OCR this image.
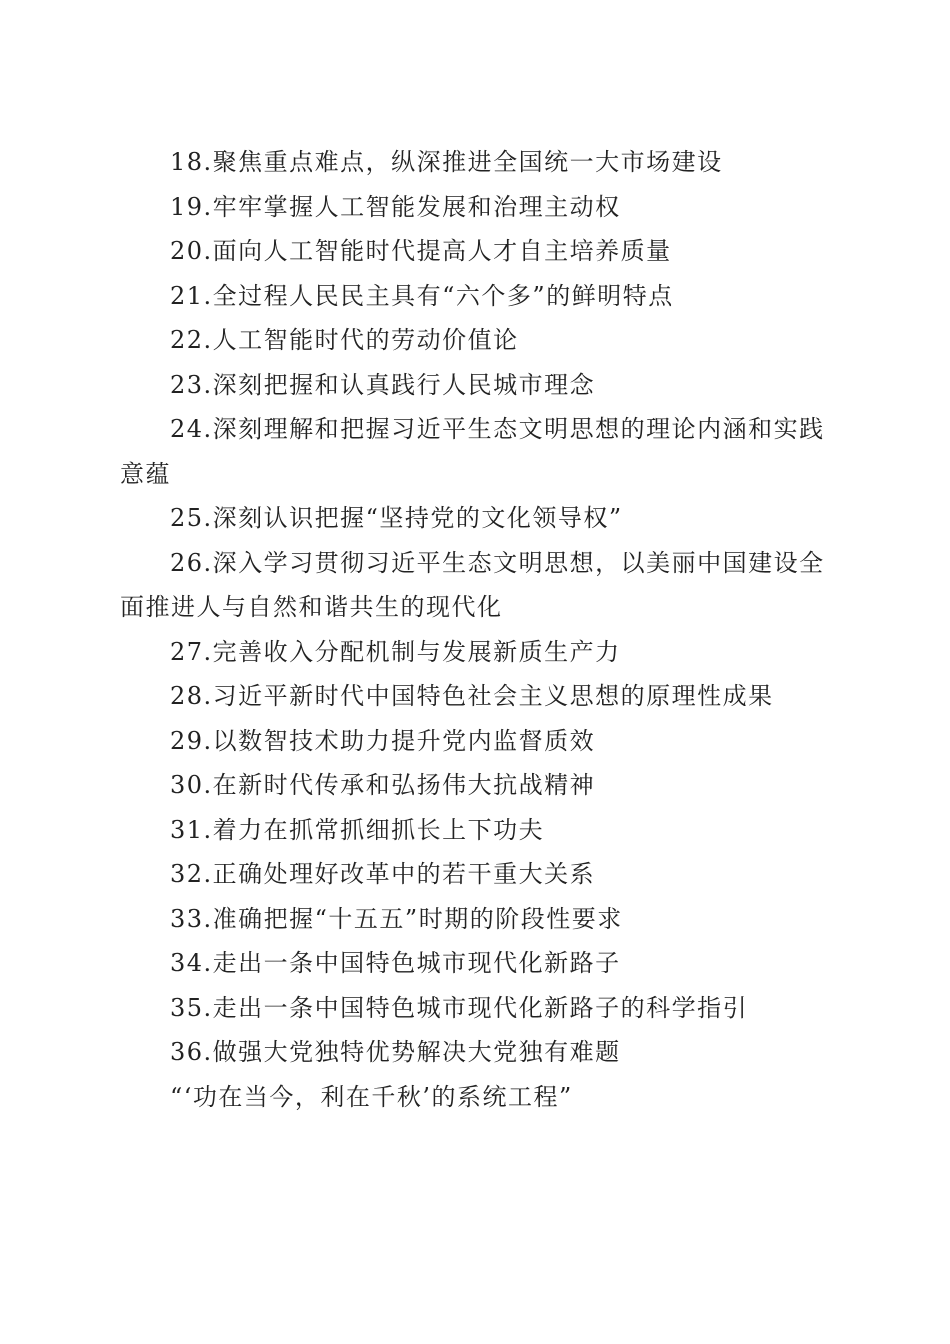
18.聚焦重点难点，纵深推进全国统一大市场建设

19.牢牢掌握人工智能发展和治理主动权

20.面向人工智能时代提高人才自主培养质量

21.全过程人民民主具有“六个多”的鲜明特点

22.人工智能时代的劳动价值论

23.深刻把握和认真践行人民城市理念

24.深刻理解和把握习近平生态文明思想的理论内涵和实践意蕴

25.深刻认识把握“坚持党的文化领导权”

26.深入学习贯彻习近平生态文明思想，以美丽中国建设全面推进人与自然和谐共生的现代化

27.完善收入分配机制与发展新质生产力

28.习近平新时代中国特色社会主义思想的原理性成果

29.以数智技术助力提升党内监督质效

30.在新时代传承和弘扬伟大抗战精神

31.着力在抓常抓细抓长上下功夫

32.正确处理好改革中的若干重大关系

33.准确把握“十五五”时期的阶段性要求

34.走出一条中国特色城市现代化新路子

35.走出一条中国特色城市现代化新路子的科学指引

36.做强大党独特优势解决大党独有难题

“‘功在当今，利在千秋’的系统工程”
